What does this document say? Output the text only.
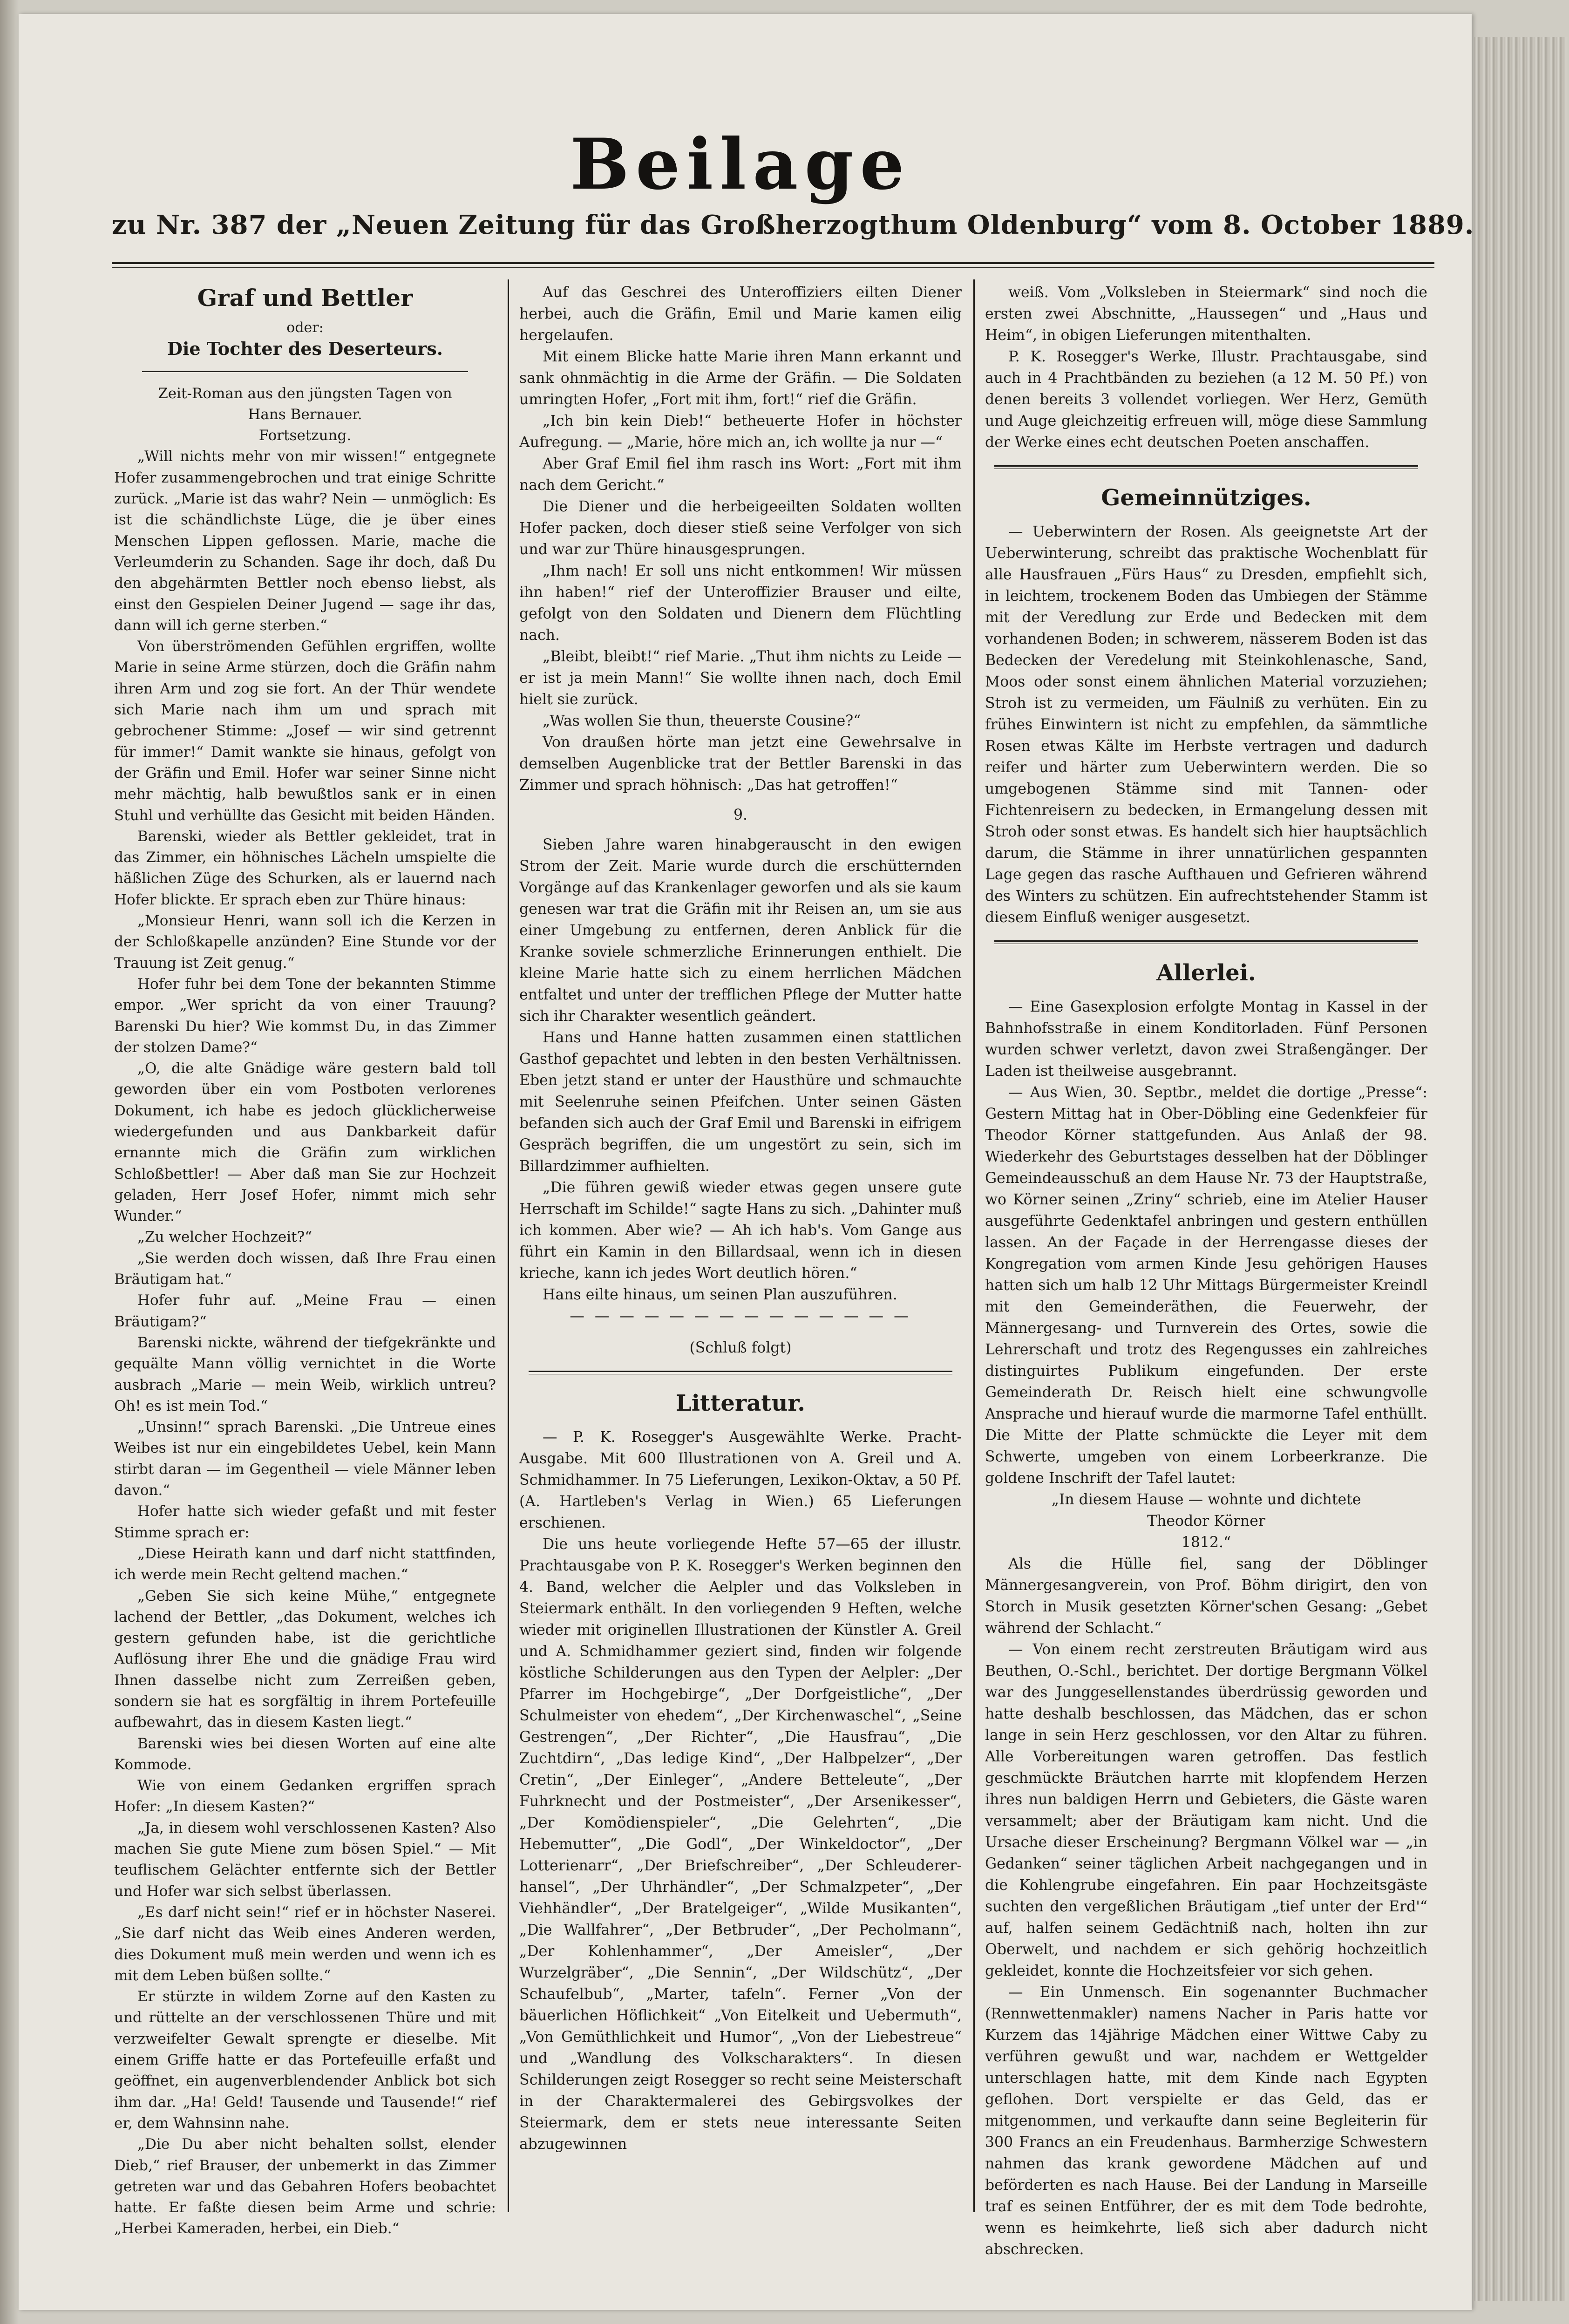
Beilage
zu Nr. 387 der „Neuen Zeitung für das Großherzogthum Oldenburg“ vom 8. October 1889.
Graf und Bettler
oder:
Die Tochter des Deserteurs.

Zeit-Roman aus den jüngsten Tagen von

Hans Bernauer.

Fortsetzung.

„Will nichts mehr von mir wissen!“ entgegnete Hofer zusammengebrochen und trat einige Schritte zurück. „Marie ist das wahr? Nein — unmöglich: Es ist die schändlichste Lüge, die je über eines Menschen Lippen geflossen. Marie, mache die Verleumderin zu Schanden. Sage ihr doch, daß Du den abgehärmten Bettler noch ebenso liebst, als einst den Gespielen Deiner Jugend — sage ihr das, dann will ich gerne sterben.“

Von überströmenden Gefühlen ergriffen, wollte Marie in seine Arme stürzen, doch die Gräfin nahm ihren Arm und zog sie fort. An der Thür wendete sich Marie nach ihm um und sprach mit gebrochener Stimme: „Josef — wir sind getrennt für immer!“ Damit wankte sie hinaus, gefolgt von der Gräfin und Emil. Hofer war seiner Sinne nicht mehr mächtig, halb bewußtlos sank er in einen Stuhl und verhüllte das Gesicht mit beiden Händen.

Barenski, wieder als Bettler gekleidet, trat in das Zimmer, ein höhnisches Lächeln umspielte die häßlichen Züge des Schurken, als er lauernd nach Hofer blickte. Er sprach eben zur Thüre hinaus:

„Monsieur Henri, wann soll ich die Kerzen in der Schloßkapelle anzünden? Eine Stunde vor der Trauung ist Zeit genug.“

Hofer fuhr bei dem Tone der bekannten Stimme empor. „Wer spricht da von einer Trauung? Barenski Du hier? Wie kommst Du, in das Zimmer der stolzen Dame?“

„O, die alte Gnädige wäre gestern bald toll geworden über ein vom Postboten verlorenes Dokument, ich habe es jedoch glücklicherweise wiedergefunden und aus Dankbarkeit dafür ernannte mich die Gräfin zum wirklichen Schloßbettler! — Aber daß man Sie zur Hochzeit geladen, Herr Josef Hofer, nimmt mich sehr Wunder.“

„Zu welcher Hochzeit?“

„Sie werden doch wissen, daß Ihre Frau einen Bräutigam hat.“

Hofer fuhr auf. „Meine Frau — einen Bräutigam?“

Barenski nickte, während der tiefgekränkte und gequälte Mann völlig vernichtet in die Worte ausbrach „Marie — mein Weib, wirklich untreu? Oh! es ist mein Tod.“

„Unsinn!“ sprach Barenski. „Die Untreue eines Weibes ist nur ein eingebildetes Uebel, kein Mann stirbt daran — im Gegentheil — viele Männer leben davon.“

Hofer hatte sich wieder gefaßt und mit fester Stimme sprach er:

„Diese Heirath kann und darf nicht stattfinden, ich werde mein Recht geltend machen.“

„Geben Sie sich keine Mühe,“ entgegnete lachend der Bettler, „das Dokument, welches ich gestern gefunden habe, ist die gerichtliche Auflösung ihrer Ehe und die gnädige Frau wird Ihnen dasselbe nicht zum Zerreißen geben, sondern sie hat es sorgfältig in ihrem Portefeuille aufbewahrt, das in diesem Kasten liegt.“

Barenski wies bei diesen Worten auf eine alte Kommode.

Wie von einem Gedanken ergriffen sprach Hofer: „In diesem Kasten?“

„Ja, in diesem wohl verschlossenen Kasten? Also machen Sie gute Miene zum bösen Spiel.“ — Mit teuflischem Gelächter entfernte sich der Bettler und Hofer war sich selbst überlassen.

„Es darf nicht sein!“ rief er in höchster Naserei. „Sie darf nicht das Weib eines Anderen werden, dies Dokument muß mein werden und wenn ich es mit dem Leben büßen sollte.“

Er stürzte in wildem Zorne auf den Kasten zu und rüttelte an der verschlossenen Thüre und mit verzweifelter Gewalt sprengte er dieselbe. Mit einem Griffe hatte er das Portefeuille erfaßt und geöffnet, ein augenverblendender Anblick bot sich ihm dar. „Ha! Geld! Tausende und Tausende!“ rief er, dem Wahnsinn nahe.

„Die Du aber nicht behalten sollst, elender Dieb,“ rief Brauser, der unbemerkt in das Zimmer getreten war und das Gebahren Hofers beobachtet hatte. Er faßte diesen beim Arme und schrie: „Herbei Kameraden, herbei, ein Dieb.“

Auf das Geschrei des Unteroffiziers eilten Diener herbei, auch die Gräfin, Emil und Marie kamen eilig hergelaufen.

Mit einem Blicke hatte Marie ihren Mann erkannt und sank ohnmächtig in die Arme der Gräfin. — Die Soldaten umringten Hofer, „Fort mit ihm, fort!“ rief die Gräfin.

„Ich bin kein Dieb!“ betheuerte Hofer in höchster Aufregung. — „Marie, höre mich an, ich wollte ja nur —“

Aber Graf Emil fiel ihm rasch ins Wort: „Fort mit ihm nach dem Gericht.“

Die Diener und die herbeigeeilten Soldaten wollten Hofer packen, doch dieser stieß seine Verfolger von sich und war zur Thüre hinausgesprungen.

„Ihm nach! Er soll uns nicht entkommen! Wir müssen ihn haben!“ rief der Unteroffizier Brauser und eilte, gefolgt von den Soldaten und Dienern dem Flüchtling nach.

„Bleibt, bleibt!“ rief Marie. „Thut ihm nichts zu Leide — er ist ja mein Mann!“ Sie wollte ihnen nach, doch Emil hielt sie zurück.

„Was wollen Sie thun, theuerste Cousine?“

Von draußen hörte man jetzt eine Gewehrsalve in demselben Augenblicke trat der Bettler Barenski in das Zimmer und sprach höhnisch: „Das hat getroffen!“

9.

Sieben Jahre waren hinabgerauscht in den ewigen Strom der Zeit. Marie wurde durch die erschütternden Vorgänge auf das Krankenlager geworfen und als sie kaum genesen war trat die Gräfin mit ihr Reisen an, um sie aus einer Umgebung zu entfernen, deren Anblick für die Kranke soviele schmerzliche Erinnerungen enthielt. Die kleine Marie hatte sich zu einem herrlichen Mädchen entfaltet und unter der trefflichen Pflege der Mutter hatte sich ihr Charakter wesentlich geändert.

Hans und Hanne hatten zusammen einen stattlichen Gasthof gepachtet und lebten in den besten Verhältnissen. Eben jetzt stand er unter der Hausthüre und schmauchte mit Seelenruhe seinen Pfeifchen. Unter seinen Gästen befanden sich auch der Graf Emil und Barenski in eifrigem Gespräch begriffen, die um ungestört zu sein, sich im Billardzimmer aufhielten.

„Die führen gewiß wieder etwas gegen unsere gute Herrschaft im Schilde!“ sagte Hans zu sich. „Dahinter muß ich kommen. Aber wie? — Ah ich hab's. Vom Gange aus führt ein Kamin in den Billardsaal, wenn ich in diesen krieche, kann ich jedes Wort deutlich hören.“

Hans eilte hinaus, um seinen Plan auszuführen.

— — — — — — — — — — — — — —
(Schluß folgt)
Litteratur.

— P. K. Rosegger's Ausgewählte Werke. Pracht-Ausgabe. Mit 600 Illustrationen von A. Greil und A. Schmidhammer. In 75 Lieferungen, Lexikon-Oktav, a 50 Pf. (A. Hartleben's Verlag in Wien.) 65 Lieferungen erschienen.

Die uns heute vorliegende Hefte 57—65 der illustr. Prachtausgabe von P. K. Rosegger's Werken beginnen den 4. Band, welcher die Aelpler und das Volksleben in Steiermark enthält. In den vorliegenden 9 Heften, welche wieder mit originellen Illustrationen der Künstler A. Greil und A. Schmidhammer geziert sind, finden wir folgende köstliche Schilderungen aus den Typen der Aelpler: „Der Pfarrer im Hochgebirge“, „Der Dorfgeistliche“, „Der Schulmeister von ehedem“, „Der Kirchenwaschel“, „Seine Gestrengen“, „Der Richter“, „Die Hausfrau“, „Die Zuchtdirn“, „Das ledige Kind“, „Der Halbpelzer“, „Der Cretin“, „Der Einleger“, „Andere Betteleute“, „Der Fuhrknecht und der Postmeister“, „Der Arsenikesser“, „Der Komödienspieler“, „Die Gelehrten“, „Die Hebemutter“, „Die Godl“, „Der Winkeldoctor“, „Der Lotterienarr“, „Der Briefschreiber“, „Der Schleudererhansel“, „Der Uhrhändler“, „Der Schmalzpeter“, „Der Viehhändler“, „Der Bratelgeiger“, „Wilde Musikanten“, „Die Wallfahrer“, „Der Betbruder“, „Der Pecholmann“, „Der Kohlenhammer“, „Der Ameisler“, „Der Wurzelgräber“, „Die Sennin“, „Der Wildschütz“, „Der Schaufelbub“, „Marter, tafeln“. Ferner „Von der bäuerlichen Höflichkeit“ „Von Eitelkeit und Uebermuth“, „Von Gemüthlichkeit und Humor“, „Von der Liebestreue“ und „Wandlung des Volkscharakters“. In diesen Schilderungen zeigt Rosegger so recht seine Meisterschaft in der Charaktermalerei des Gebirgsvolkes der Steiermark, dem er stets neue interessante Seiten abzugewinnen

weiß. Vom „Volksleben in Steiermark“ sind noch die ersten zwei Abschnitte, „Haussegen“ und „Haus und Heim“, in obigen Lieferungen mitenthalten.

P. K. Rosegger's Werke, Illustr. Prachtausgabe, sind auch in 4 Prachtbänden zu beziehen (a 12 M. 50 Pf.) von denen bereits 3 vollendet vorliegen. Wer Herz, Gemüth und Auge gleichzeitig erfreuen will, möge diese Sammlung der Werke eines echt deutschen Poeten anschaffen.

Gemeinnütziges.

— Ueberwintern der Rosen. Als geeignetste Art der Ueberwinterung, schreibt das praktische Wochenblatt für alle Hausfrauen „Fürs Haus“ zu Dresden, empfiehlt sich, in leichtem, trockenem Boden das Umbiegen der Stämme mit der Veredlung zur Erde und Bedecken mit dem vorhandenen Boden; in schwerem, nässerem Boden ist das Bedecken der Veredelung mit Steinkohlenasche, Sand, Moos oder sonst einem ähnlichen Material vorzuziehen; Stroh ist zu vermeiden, um Fäulniß zu verhüten. Ein zu frühes Einwintern ist nicht zu empfehlen, da sämmtliche Rosen etwas Kälte im Herbste vertragen und dadurch reifer und härter zum Ueberwintern werden. Die so umgebogenen Stämme sind mit Tannen- oder Fichtenreisern zu bedecken, in Ermangelung dessen mit Stroh oder sonst etwas. Es handelt sich hier hauptsächlich darum, die Stämme in ihrer unnatürlichen gespannten Lage gegen das rasche Aufthauen und Gefrieren während des Winters zu schützen. Ein aufrechtstehender Stamm ist diesem Einfluß weniger ausgesetzt.

Allerlei.

— Eine Gasexplosion erfolgte Montag in Kassel in der Bahnhofsstraße in einem Konditorladen. Fünf Personen wurden schwer verletzt, davon zwei Straßengänger. Der Laden ist theilweise ausgebrannt.

— Aus Wien, 30. Septbr., meldet die dortige „Presse“: Gestern Mittag hat in Ober-Döbling eine Gedenkfeier für Theodor Körner stattgefunden. Aus Anlaß der 98. Wiederkehr des Geburtstages desselben hat der Döblinger Gemeindeausschuß an dem Hause Nr. 73 der Hauptstraße, wo Körner seinen „Zriny“ schrieb, eine im Atelier Hauser ausgeführte Gedenktafel anbringen und gestern enthüllen lassen. An der Façade in der Herrengasse dieses der Kongregation vom armen Kinde Jesu gehörigen Hauses hatten sich um halb 12 Uhr Mittags Bürgermeister Kreindl mit den Gemeinderäthen, die Feuerwehr, der Männergesang- und Turnverein des Ortes, sowie die Lehrerschaft und trotz des Regengusses ein zahlreiches distinguirtes Publikum eingefunden. Der erste Gemeinderath Dr. Reisch hielt eine schwungvolle Ansprache und hierauf wurde die marmorne Tafel enthüllt. Die Mitte der Platte schmückte die Leyer mit dem Schwerte, umgeben von einem Lorbeerkranze. Die goldene Inschrift der Tafel lautet:

„In diesem Hause — wohnte und dichtete

Theodor Körner

1812.“

Als die Hülle fiel, sang der Döblinger Männergesangverein, von Prof. Böhm dirigirt, den von Storch in Musik gesetzten Körner'schen Gesang: „Gebet während der Schlacht.“

— Von einem recht zerstreuten Bräutigam wird aus Beuthen, O.-Schl., berichtet. Der dortige Bergmann Völkel war des Junggesellenstandes überdrüssig geworden und hatte deshalb beschlossen, das Mädchen, das er schon lange in sein Herz geschlossen, vor den Altar zu führen. Alle Vorbereitungen waren getroffen. Das festlich geschmückte Bräutchen harrte mit klopfendem Herzen ihres nun baldigen Herrn und Gebieters, die Gäste waren versammelt; aber der Bräutigam kam nicht. Und die Ursache dieser Erscheinung? Bergmann Völkel war — „in Gedanken“ seiner täglichen Arbeit nachgegangen und in die Kohlengrube eingefahren. Ein paar Hochzeitsgäste suchten den vergeßlichen Bräutigam „tief unter der Erd'“ auf, halfen seinem Gedächtniß nach, holten ihn zur Oberwelt, und nachdem er sich gehörig hochzeitlich gekleidet, konnte die Hochzeitsfeier vor sich gehen.

— Ein Unmensch. Ein sogenannter Buchmacher (Rennwettenmakler) namens Nacher in Paris hatte vor Kurzem das 14jährige Mädchen einer Wittwe Caby zu verführen gewußt und war, nachdem er Wettgelder unterschlagen hatte, mit dem Kinde nach Egypten geflohen. Dort verspielte er das Geld, das er mitgenommen, und verkaufte dann seine Begleiterin für 300 Francs an ein Freudenhaus. Barmherzige Schwestern nahmen das krank gewordene Mädchen auf und beförderten es nach Hause. Bei der Landung in Marseille traf es seinen Entführer, der es mit dem Tode bedrohte, wenn es heimkehrte, ließ sich aber dadurch nicht abschrecken.
